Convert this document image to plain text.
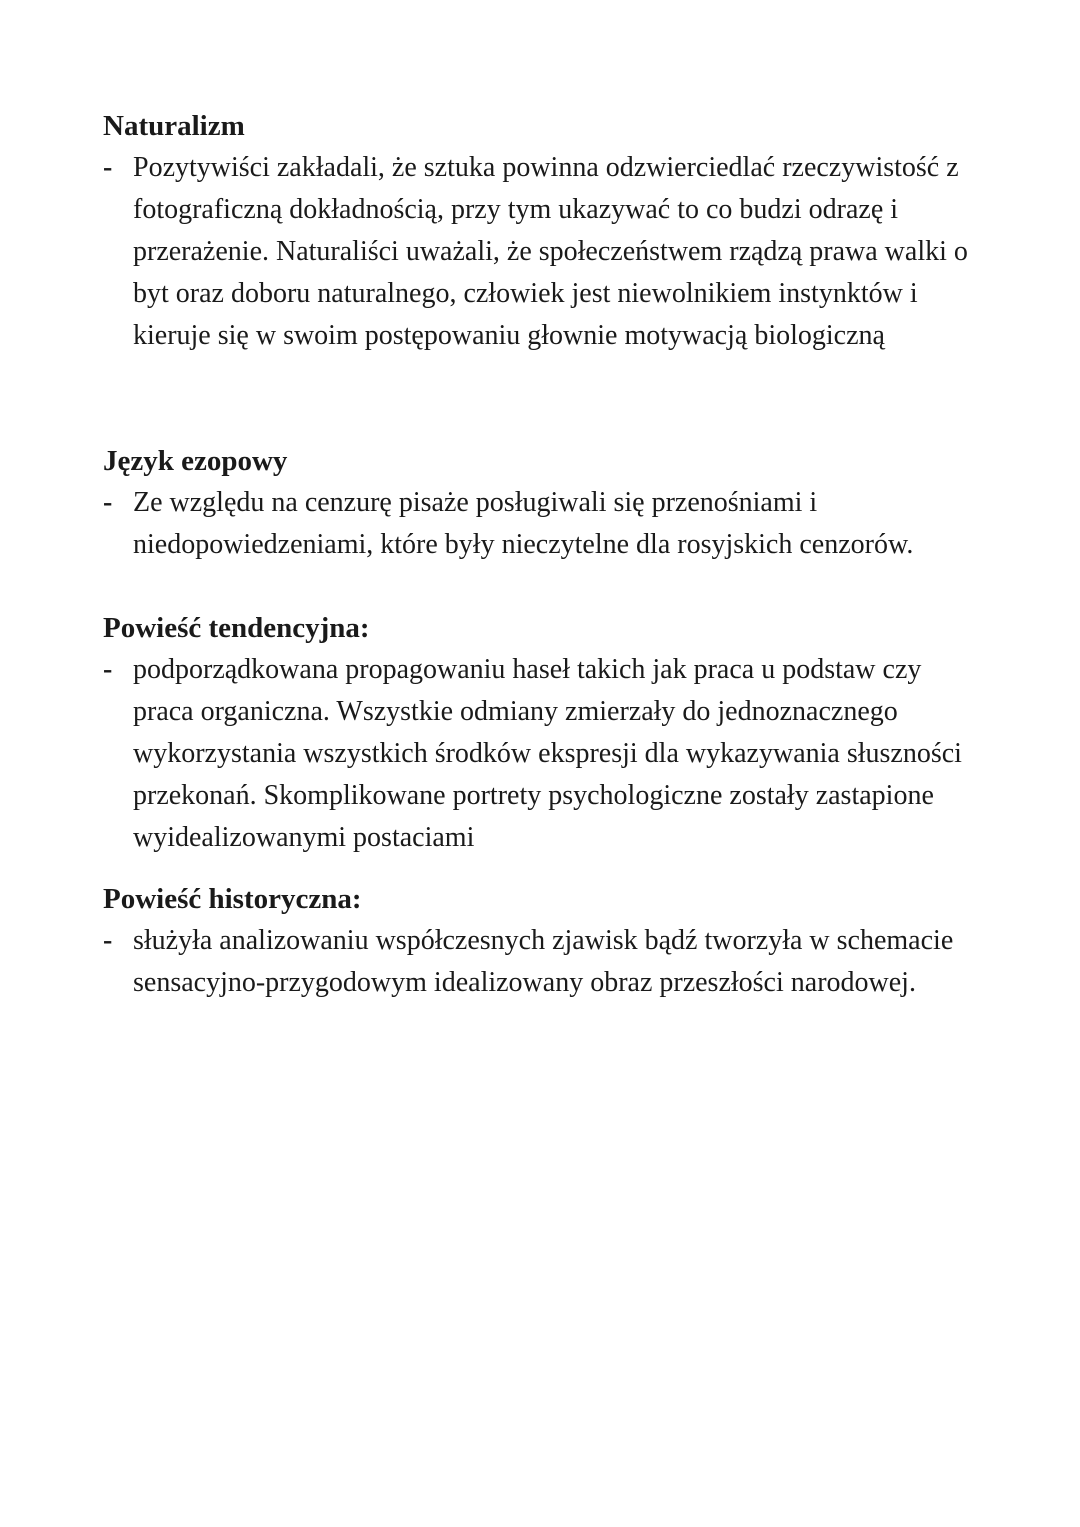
Naturalizm
- Pozytywiści zakładali, że sztuka powinna odzwierciedlać rzeczywistość z fotograficzną dokładnością, przy tym ukazywać to co budzi odrazę i przerażenie. Naturaliści uważali, że społeczeństwem rządzą prawa walki o byt oraz doboru naturalnego, człowiek jest niewolnikiem instynktów i kieruje się w swoim postępowaniu głownie motywacją biologiczną
Język ezopowy
- Ze względu na cenzurę pisaże posługiwali się przenośniami i niedopowiedzeniami, które były nieczytelne dla rosyjskich cenzorów.
Powieść tendencyjna:
- podporządkowana propagowaniu haseł takich jak praca u podstaw czy praca organiczna. Wszystkie odmiany zmierzały do jednoznacznego wykorzystania wszystkich środków ekspresji dla wykazywania słuszności przekonań. Skomplikowane portrety psychologiczne zostały zastapione wyidealizowanymi postaciami
Powieść historyczna:
- służyła analizowaniu współczesnych zjawisk bądź tworzyła w schemacie sensacyjno-przygodowym idealizowany obraz przeszłości narodowej.
